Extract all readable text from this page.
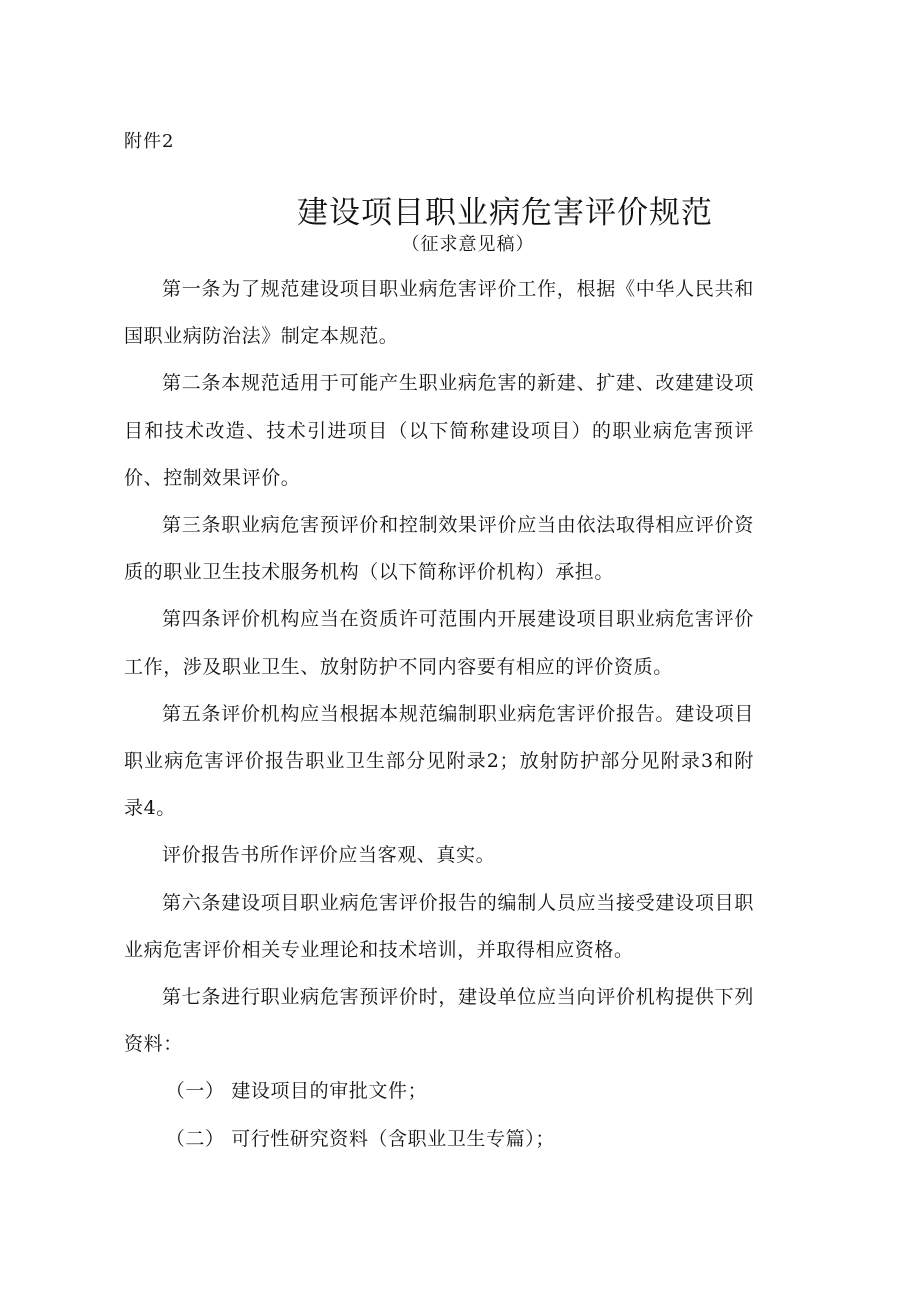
附件2
建设项目职业病危害评价规范
（征求意见稿）

第一条为了规范建设项目职业病危害评价工作，根据《中华人民共和国职业病防治法》制定本规范。

第二条本规范适用于可能产生职业病危害的新建、扩建、改建建设项目和技术改造、技术引进项目（以下简称建设项目）的职业病危害预评价、控制效果评价。

第三条职业病危害预评价和控制效果评价应当由依法取得相应评价资质的职业卫生技术服务机构（以下简称评价机构）承担。

第四条评价机构应当在资质许可范围内开展建设项目职业病危害评价工作，涉及职业卫生、放射防护不同内容要有相应的评价资质。

第五条评价机构应当根据本规范编制职业病危害评价报告。建设项目职业病危害评价报告职业卫生部分见附录2；放射防护部分见附录3和附录4。

评价报告书所作评价应当客观、真实。

第六条建设项目职业病危害评价报告的编制人员应当接受建设项目职业病危害评价相关专业理论和技术培训，并取得相应资格。

第七条进行职业病危害预评价时，建设单位应当向评价机构提供下列资料：

（一） 建设项目的审批文件；

（二） 可行性研究资料（含职业卫生专篇）；
